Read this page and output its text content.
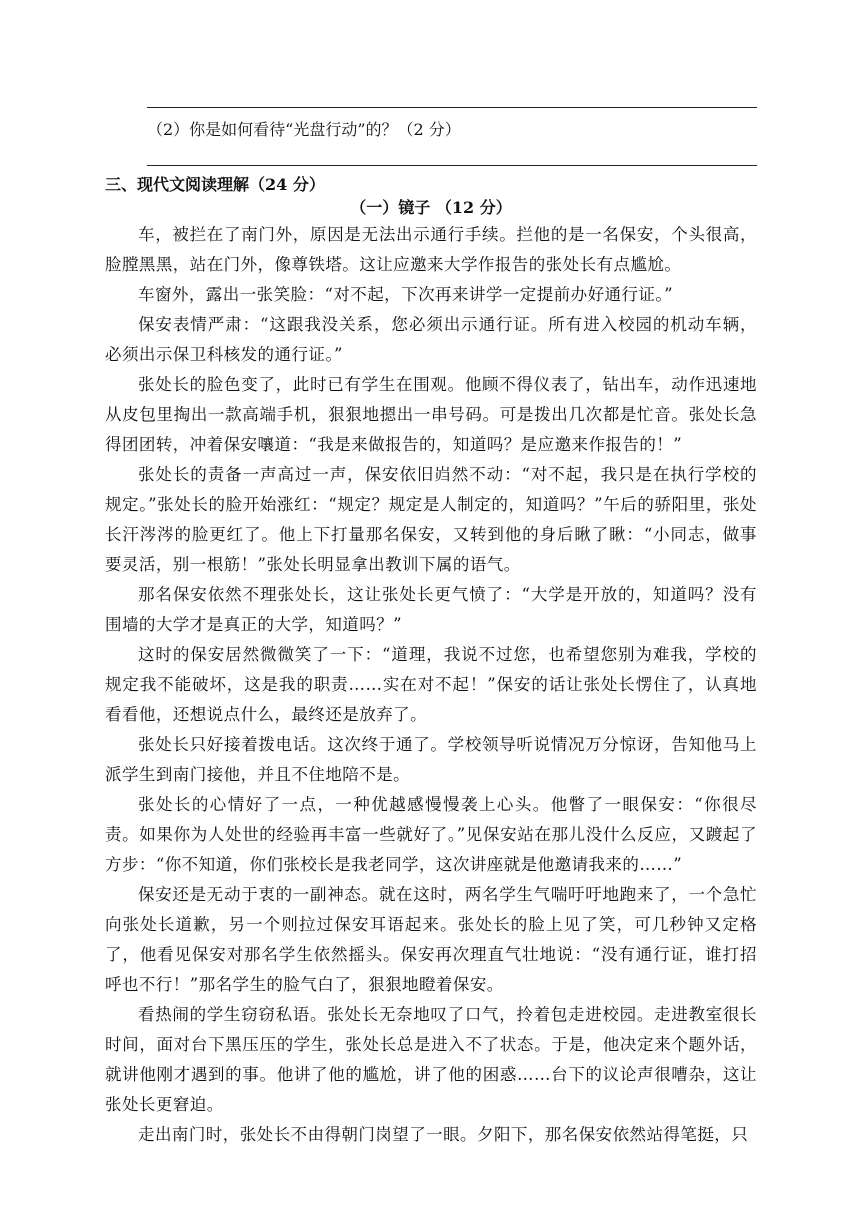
（2）你是如何看待“光盘行动”的？（2 分）
三、现代文阅读理解（24 分）
（一）镜子 （12 分）

车，被拦在了南门外，原因是无法出示通行手续。拦他的是一名保安，个头很高，脸膛黑黑，站在门外，像尊铁塔。这让应邀来大学作报告的张处长有点尴尬。

车窗外，露出一张笑脸：“对不起，下次再来讲学一定提前办好通行证。”

保安表情严肃：“这跟我没关系，您必须出示通行证。所有进入校园的机动车辆，必须出示保卫科核发的通行证。”

张处长的脸色变了，此时已有学生在围观。他顾不得仪表了，钻出车，动作迅速地从皮包里掏出一款高端手机，狠狠地摁出一串号码。可是拨出几次都是忙音。张处长急得团团转，冲着保安嚷道：“我是来做报告的，知道吗？是应邀来作报告的！”

张处长的责备一声高过一声，保安依旧岿然不动：“对不起，我只是在执行学校的规定。”张处长的脸开始涨红：“规定？规定是人制定的，知道吗？”午后的骄阳里，张处长汗涔涔的脸更红了。他上下打量那名保安，又转到他的身后瞅了瞅：“小同志，做事要灵活，别一根筋！”张处长明显拿出教训下属的语气。

那名保安依然不理张处长，这让张处长更气愤了：“大学是开放的，知道吗？没有围墙的大学才是真正的大学，知道吗？”

这时的保安居然微微笑了一下：“道理，我说不过您，也希望您别为难我，学校的规定我不能破坏，这是我的职责……实在对不起！”保安的话让张处长愣住了，认真地看看他，还想说点什么，最终还是放弃了。

张处长只好接着拨电话。这次终于通了。学校领导听说情况万分惊讶，告知他马上派学生到南门接他，并且不住地陪不是。

张处长的心情好了一点，一种优越感慢慢袭上心头。他瞥了一眼保安：“你很尽责。如果你为人处世的经验再丰富一些就好了。”见保安站在那儿没什么反应，又踱起了方步：“你不知道，你们张校长是我老同学，这次讲座就是他邀请我来的……”

保安还是无动于衷的一副神态。就在这时，两名学生气喘吁吁地跑来了，一个急忙向张处长道歉，另一个则拉过保安耳语起来。张处长的脸上见了笑，可几秒钟又定格了，他看见保安对那名学生依然摇头。保安再次理直气壮地说：“没有通行证，谁打招呼也不行！”那名学生的脸气白了，狠狠地瞪着保安。

看热闹的学生窃窃私语。张处长无奈地叹了口气，拎着包走进校园。走进教室很长时间，面对台下黑压压的学生，张处长总是进入不了状态。于是，他决定来个题外话，就讲他刚才遇到的事。他讲了他的尴尬，讲了他的困惑……台下的议论声很嘈杂，这让张处长更窘迫。

走出南门时，张处长不由得朝门岗望了一眼。夕阳下，那名保安依然站得笔挺，只
